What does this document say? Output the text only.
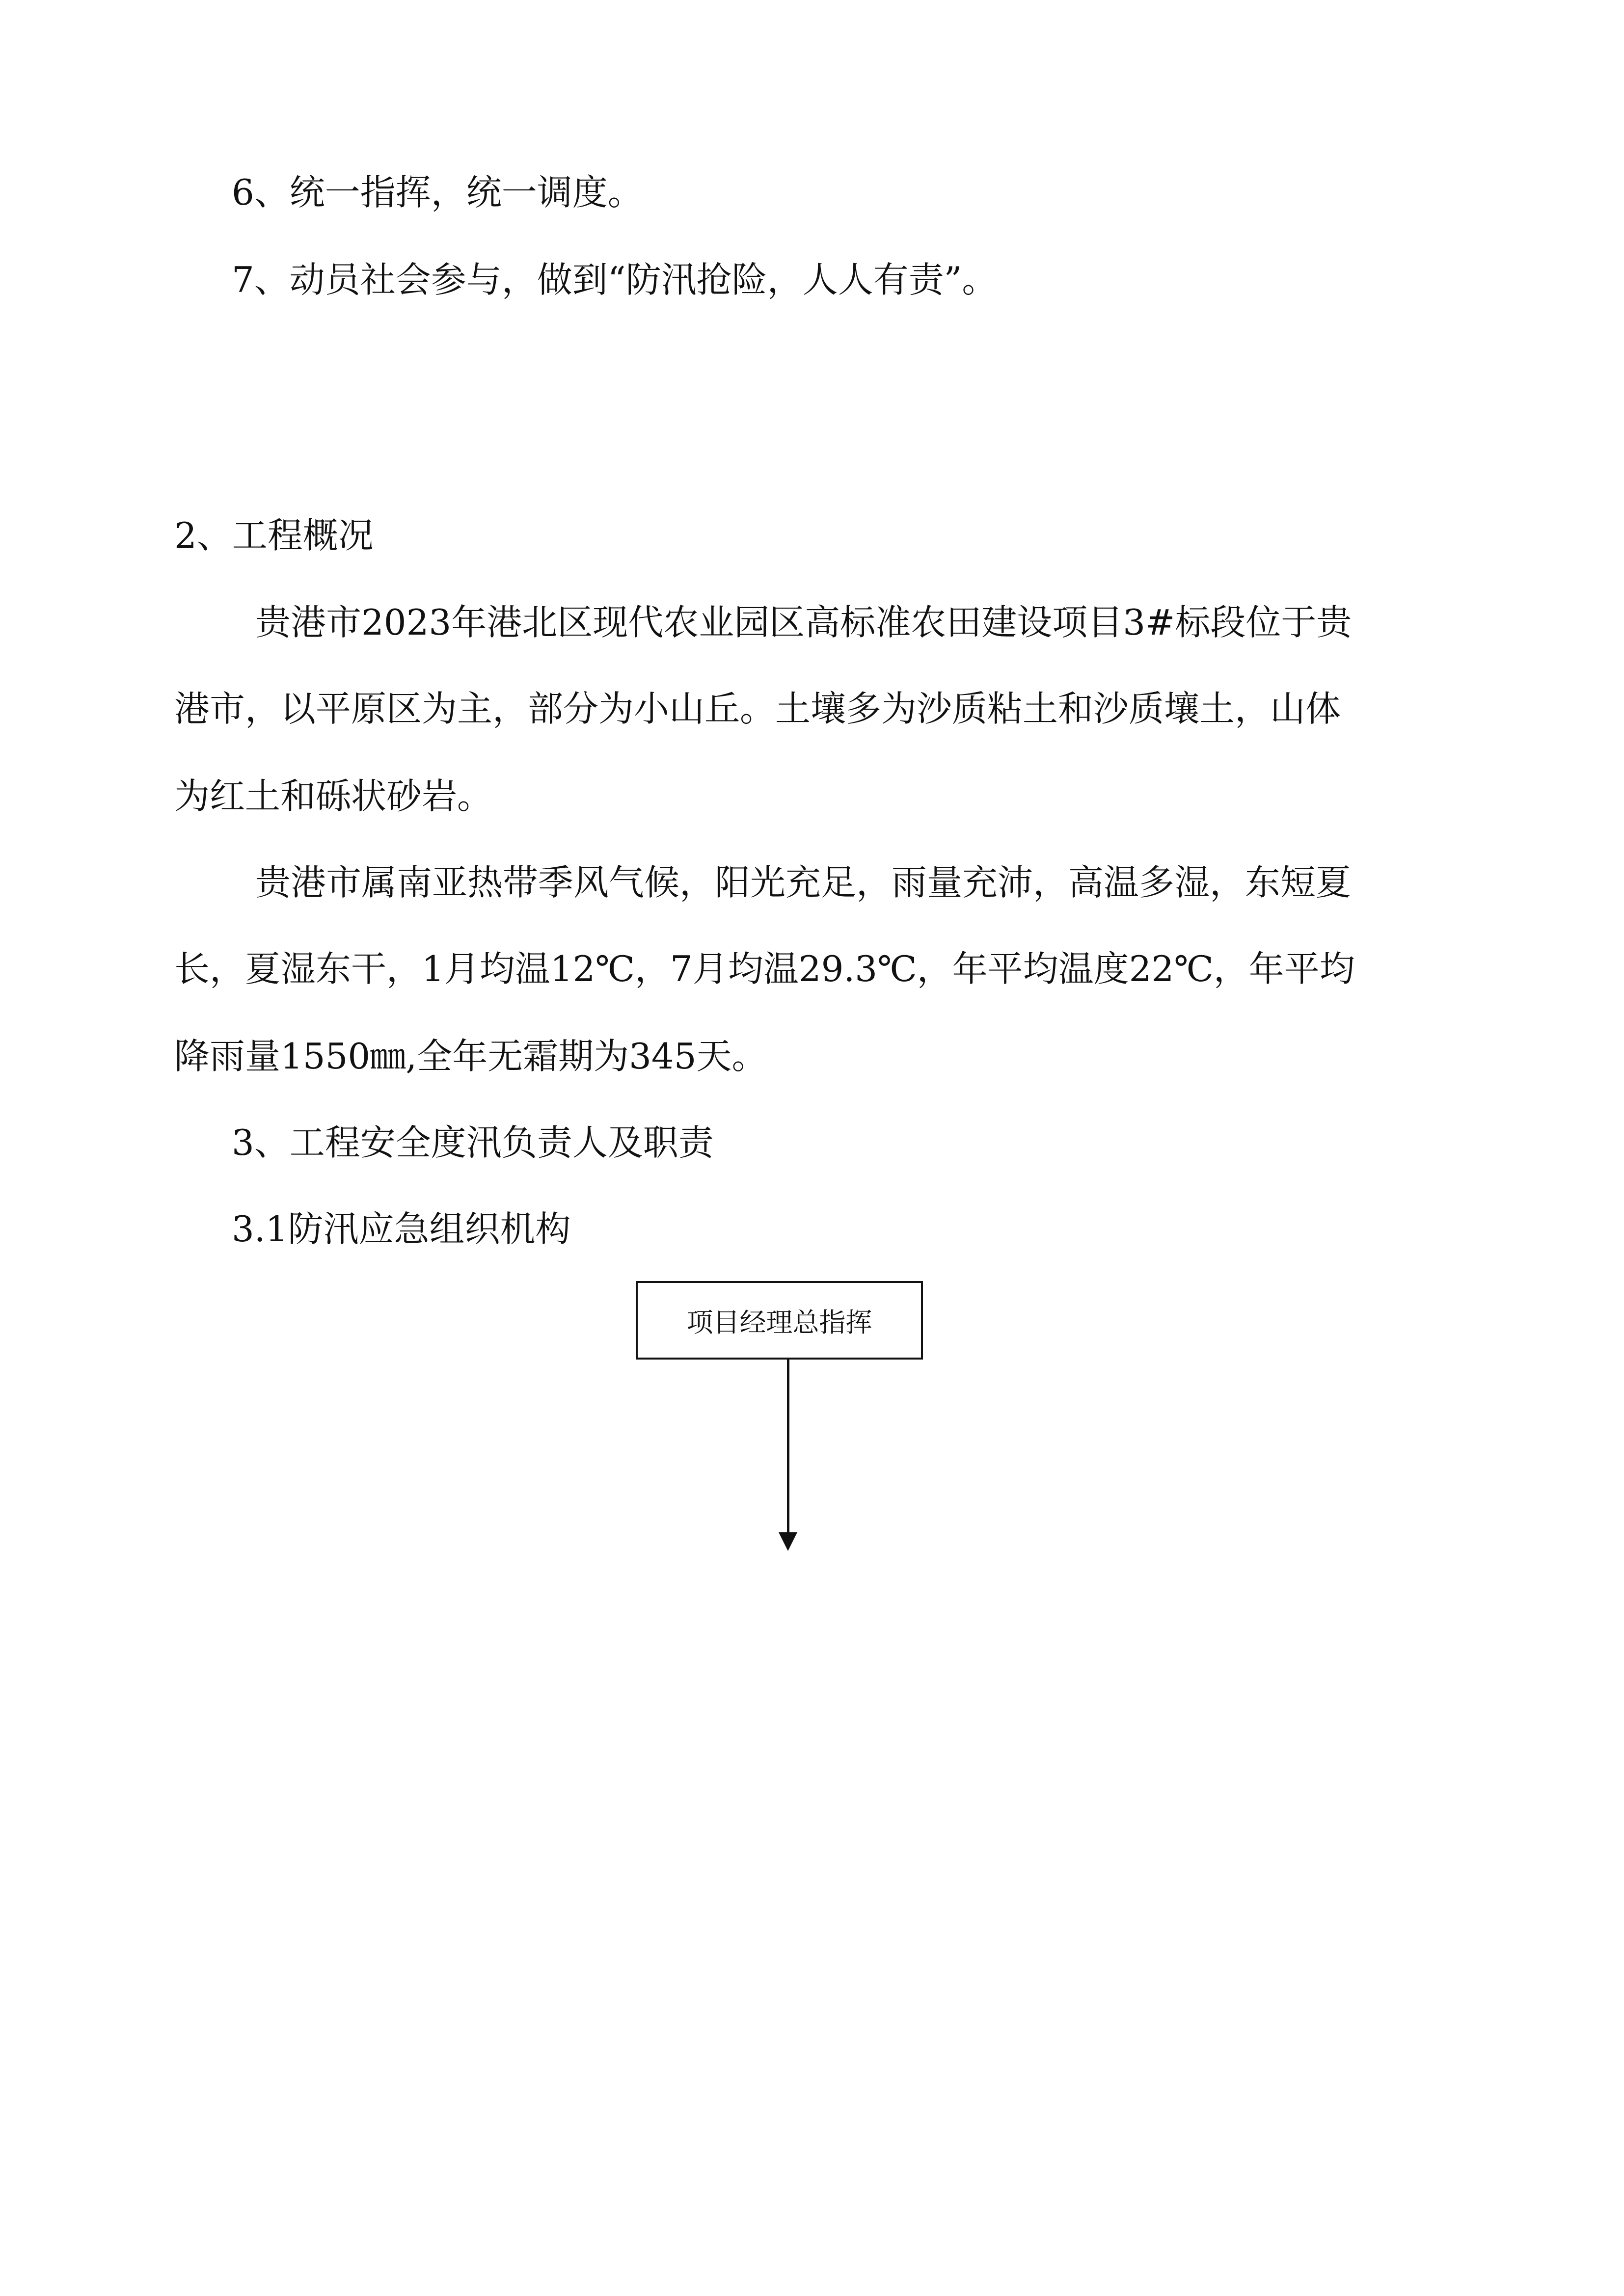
6、统一指挥，统一调度。
7、动员社会参与，做到“防汛抢险，人人有责”。
2、工程概况
贵港市2023年港北区现代农业园区高标准农田建设项目3#标段位于贵
港市，以平原区为主，部分为小山丘。土壤多为沙质粘土和沙质壤土，山体
为红土和砾状砂岩。
贵港市属南亚热带季风气候，阳光充足，雨量充沛，高温多湿，东短夏
长，夏湿东干，1月均温12℃，7月均温29.3℃，年平均温度22℃，年平均
降雨量1550㎜,全年无霜期为345天。
3、工程安全度汛负责人及职责
3.1防汛应急组织机构
项目经理总指挥
